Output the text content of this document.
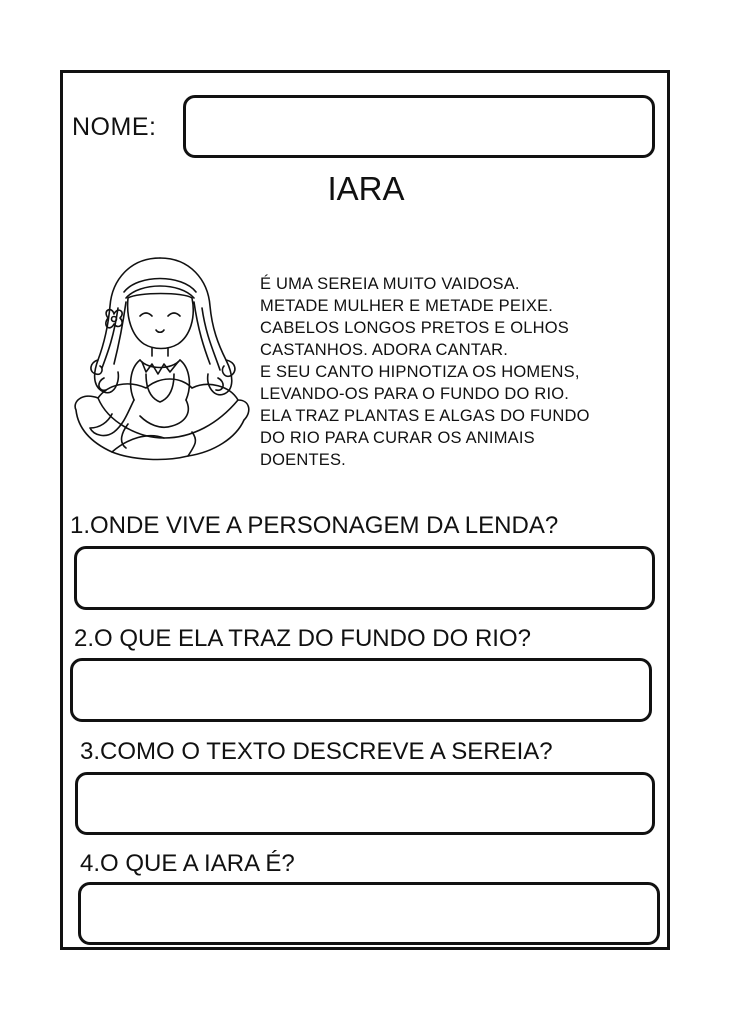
NOME:
IARA
É UMA SEREIA MUITO VAIDOSA.
METADE MULHER E METADE PEIXE.
CABELOS LONGOS PRETOS E OLHOS
CASTANHOS. ADORA CANTAR.
E SEU CANTO HIPNOTIZA OS HOMENS,
LEVANDO-OS PARA O FUNDO DO RIO.
ELA TRAZ PLANTAS E ALGAS DO FUNDO
DO RIO PARA CURAR OS ANIMAIS
DOENTES.
1.ONDE VIVE A PERSONAGEM DA LENDA?
2.O QUE ELA TRAZ DO FUNDO DO RIO?
3.COMO O TEXTO DESCREVE A SEREIA?
4.O QUE A IARA É?
